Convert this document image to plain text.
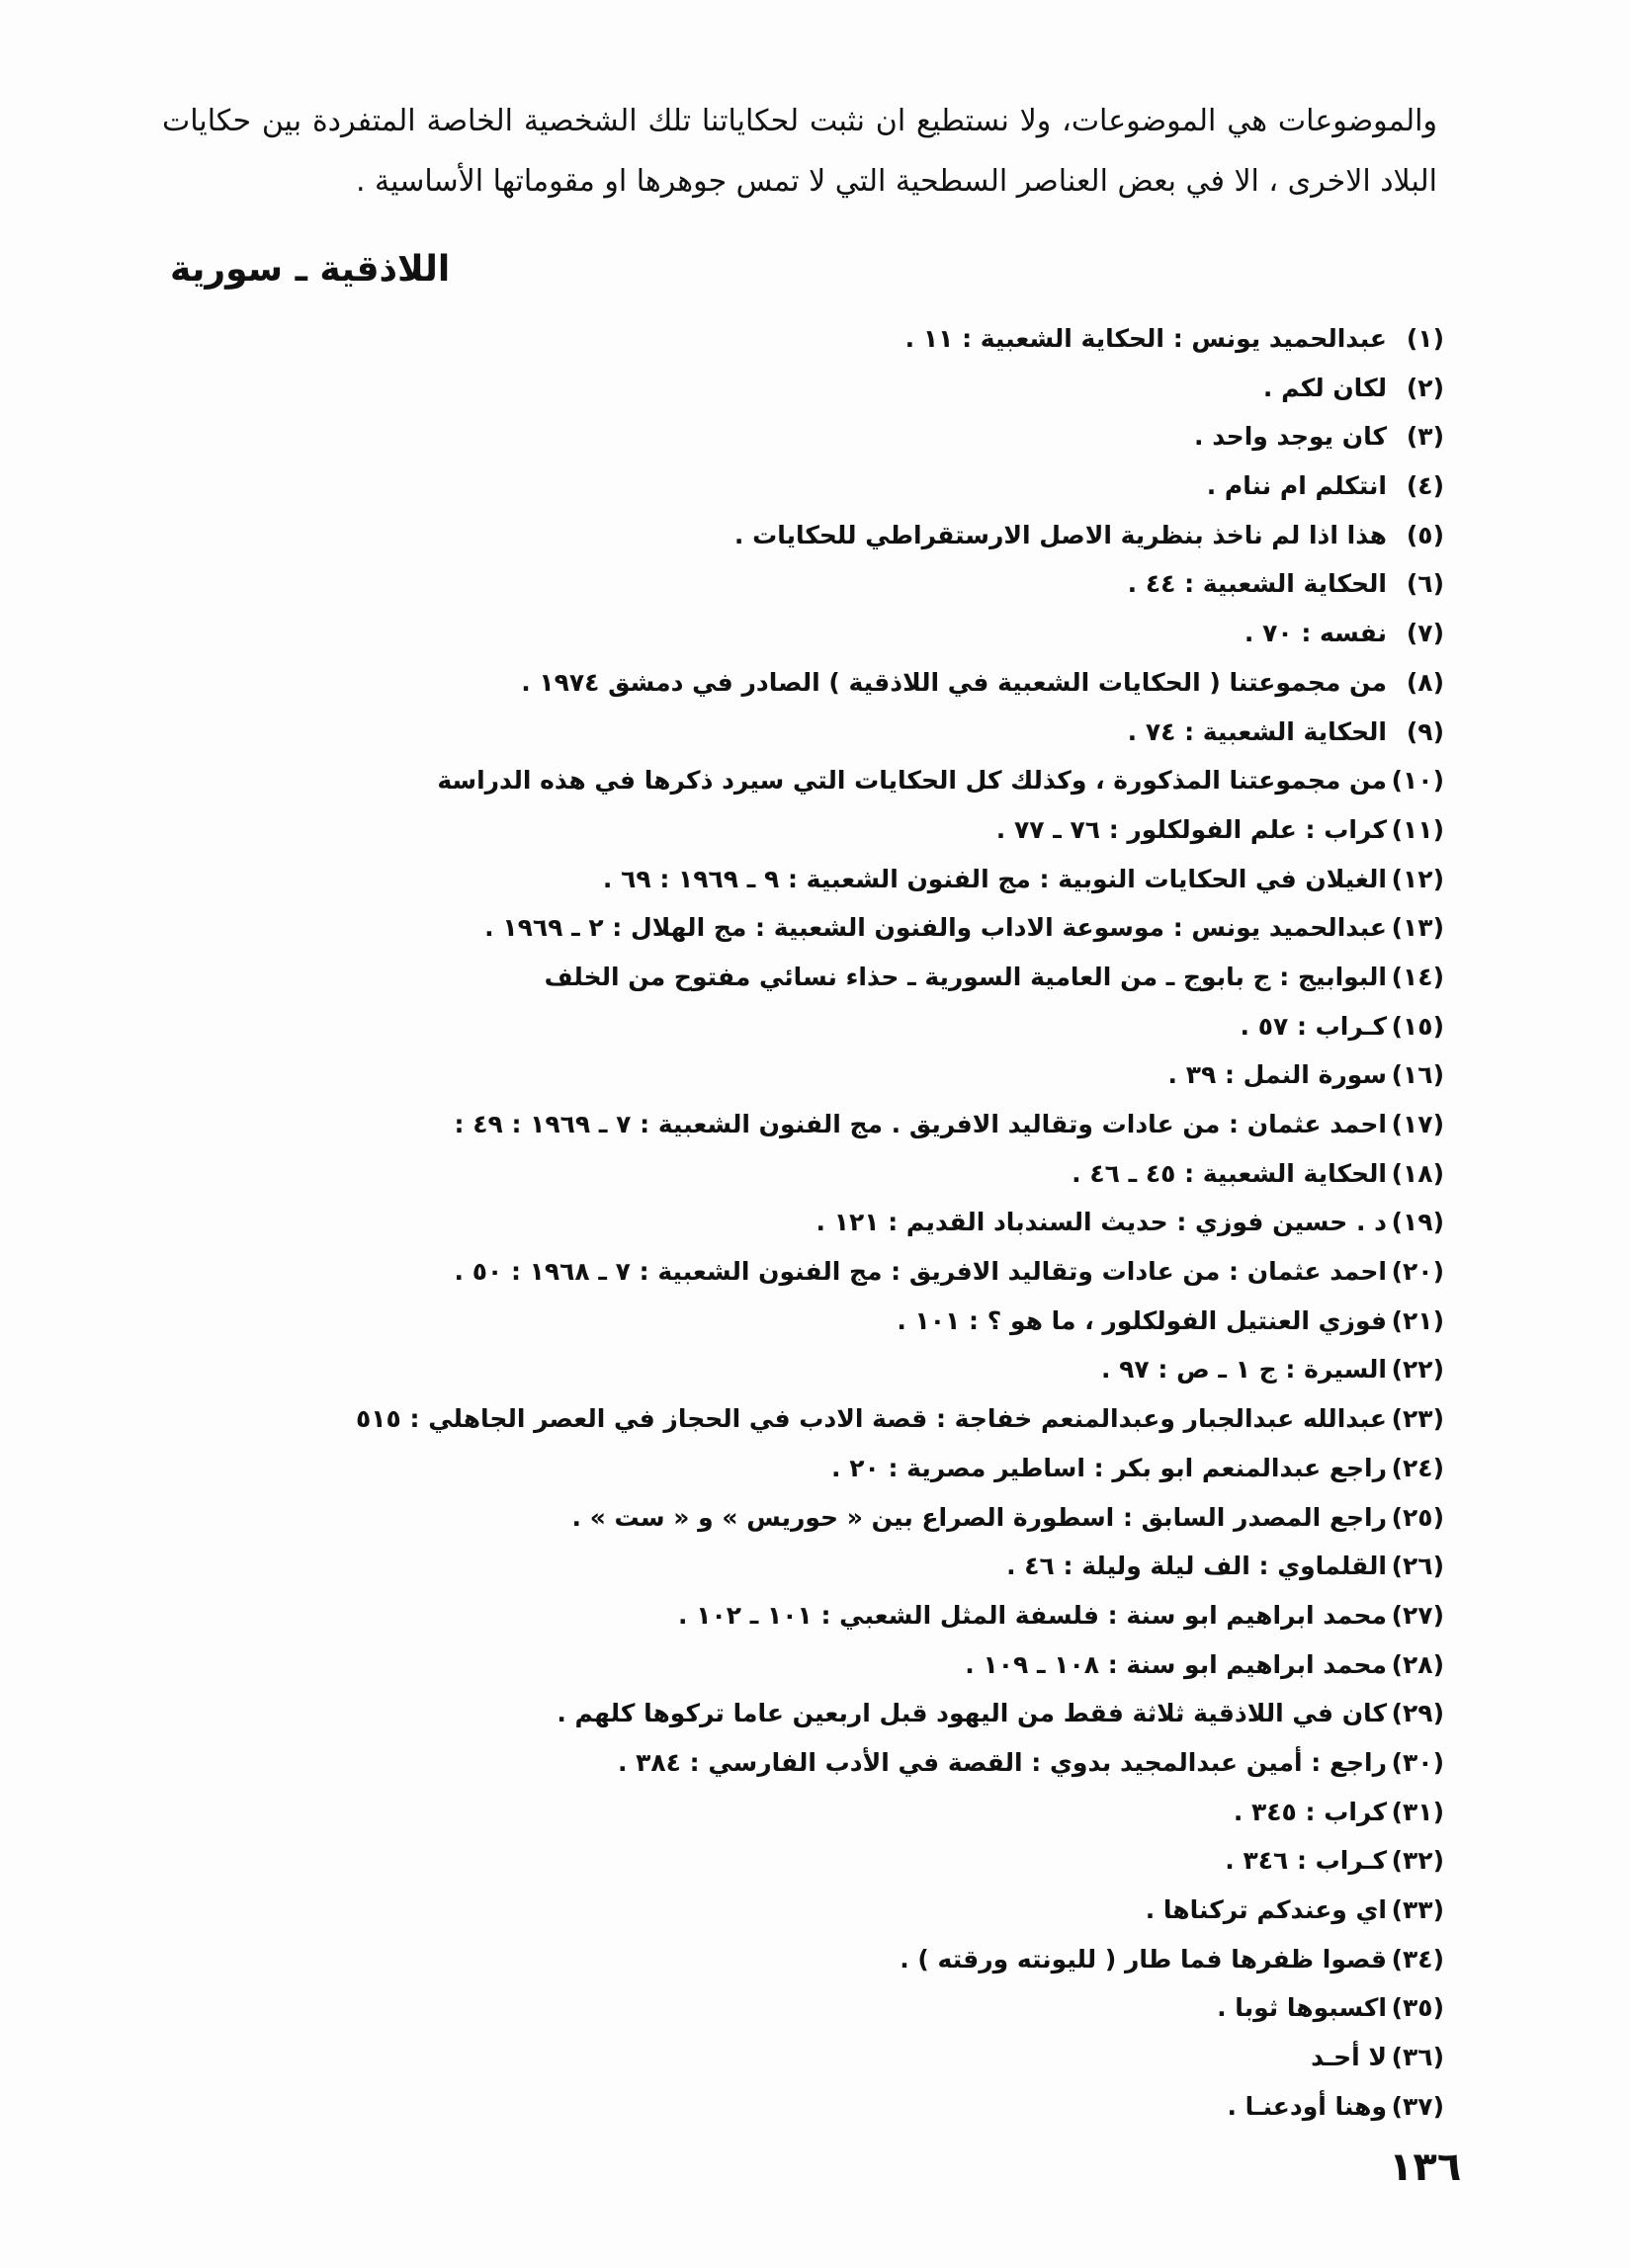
والموضوعات هي الموضوعات، ولا نستطيع ان نثبت لحكاياتنا تلك الشخصية الخاصة المتفردة بين حكايات البلاد الاخرى ، الا في بعض العناصر السطحية التي لا تمس جوهرها او مقوماتها الأساسية .

اللاذقية ـ سورية
(١)عبدالحميد يونس : الحكاية الشعبية : ١١ .
(٢)لكان لكم .
(٣)كان يوجد واحد .
(٤)انتكلم ام ننام .
(٥)هذا اذا لم ناخذ بنظرية الاصل الارستقراطي للحكايات .
(٦)الحكاية الشعبية : ٤٤ .
(٧)نفسه : ٧٠ .
(٨)من مجموعتنا ( الحكايات الشعبية في اللاذقية ) الصادر في دمشق ١٩٧٤ .
(٩)الحكاية الشعبية : ٧٤ .
(١٠)من مجموعتنا المذكورة ، وكذلك كل الحكايات التي سيرد ذكرها في هذه الدراسة
(١١)كراب : علم الفولكلور : ٧٦ ـ ٧٧ .
(١٢)الغيلان في الحكايات النوبية : مج الفنون الشعبية : ٩ ـ ١٩٦٩ : ٦٩ .
(١٣)عبدالحميد يونس : موسوعة الاداب والفنون الشعبية : مج الهلال : ٢ ـ ١٩٦٩ .
(١٤)البوابيج : ج بابوج ـ من العامية السورية ـ حذاء نسائي مفتوح من الخلف
(١٥)كـراب : ٥٧ .
(١٦)سورة النمل : ٣٩ .
(١٧)احمد عثمان : من عادات وتقاليد الافريق . مج الفنون الشعبية : ٧ ـ ١٩٦٩ : ٤٩ :
(١٨)الحكاية الشعبية : ٤٥ ـ ٤٦ .
(١٩)د . حسين فوزي : حديث السندباد القديم : ١٢١ .
(٢٠)احمد عثمان : من عادات وتقاليد الافريق : مج الفنون الشعبية : ٧ ـ ١٩٦٨ : ٥٠ .
(٢١)فوزي العنتيل الفولكلور ، ما هو ؟ : ١٠١ .
(٢٢)السيرة : ج ١ ـ ص : ٩٧ .
(٢٣)عبدالله عبدالجبار وعبدالمنعم خفاجة : قصة الادب في الحجاز في العصر الجاهلي : ٥١٥
(٢٤)راجع عبدالمنعم ابو بكر : اساطير مصرية : ٢٠ .
(٢٥)راجع المصدر السابق : اسطورة الصراع بين « حوريس » و « ست » .
(٢٦)القلماوي : الف ليلة وليلة : ٤٦ .
(٢٧)محمد ابراهيم ابو سنة : فلسفة المثل الشعبي : ١٠١ ـ ١٠٢ .
(٢٨)محمد ابراهيم ابو سنة : ١٠٨ ـ ١٠٩ .
(٢٩)كان في اللاذقية ثلاثة فقط من اليهود قبل اربعين عاما تركوها كلهم .
(٣٠)راجع : أمين عبدالمجيد بدوي : القصة في الأدب الفارسي : ٣٨٤ .
(٣١)كراب : ٣٤٥ .
(٣٢)كـراب : ٣٤٦ .
(٣٣)اي وعندكم تركناها .
(٣٤)قصوا ظفرها فما طار ( لليونته ورقته ) .
(٣٥)اكسبوها ثوبا .
(٣٦)لا أحـد
(٣٧)وهنا أودعنـا .
١٣٦
